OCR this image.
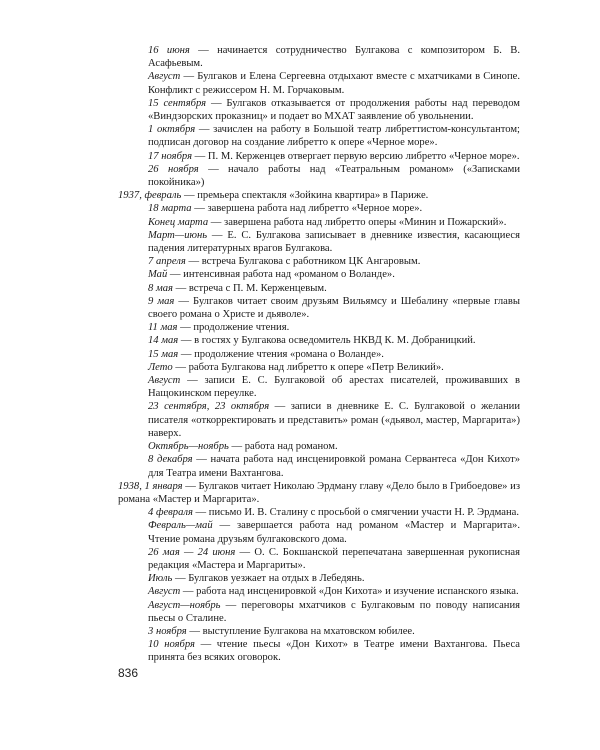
16 июня — начинается сотрудничество Булгакова с композитором Б. В. Асафьевым.

Август — Булгаков и Елена Сергеевна отдыхают вместе с мхатчиками в Синопе. Конфликт с режиссером Н. М. Горчаковым.

15 сентября — Булгаков отказывается от продолжения работы над переводом «Виндзорских проказниц» и подает во МХАТ заявление об увольнении.

1 октября — зачислен на работу в Большой театр либреттистом-консультантом; подписан договор на создание либретто к опере «Черное море».

17 ноября — П. М. Керженцев отвергает первую версию либретто «Черное море».

26 ноября — начало работы над «Театральным романом» («Записками покойника»)

1937, февраль — премьера спектакля «Зойкина квартира» в Париже.

18 марта — завершена работа над либретто «Черное море».

Конец марта — завершена работа над либретто оперы «Минин и Пожарский».

Март—июнь — Е. С. Булгакова записывает в дневнике известия, касающиеся падения литературных врагов Булгакова.

7 апреля — встреча Булгакова с работником ЦК Ангаровым.

Май — интенсивная работа над «романом о Воланде».

8 мая — встреча с П. М. Керженцевым.

9 мая — Булгаков читает своим друзьям Вильямсу и Шебалину «первые главы своего романа о Христе и дьяволе».

11 мая — продолжение чтения.

14 мая — в гостях у Булгакова осведомитель НКВД К. М. Добраницкий.

15 мая — продолжение чтения «романа о Воланде».

Лето — работа Булгакова над либретто к опере «Петр Великий».

Август — записи Е. С. Булгаковой об арестах писателей, проживавших в Нащокинском переулке.

23 сентября, 23 октября — записи в дневнике Е. С. Булгаковой о желании писателя «откорректировать и представить» роман («дьявол, мастер, Маргарита») наверх.

Октябрь—ноябрь — работа над романом.

8 декабря — начата работа над инсценировкой романа Сервантеса «Дон Кихот» для Театра имени Вахтангова.

1938, 1 января — Булгаков читает Николаю Эрдману главу «Дело было в Грибоедове» из романа «Мастер и Маргарита».

4 февраля — письмо И. В. Сталину с просьбой о смягчении участи Н. Р. Эрдмана.

Февраль—май — завершается работа над романом «Мастер и Маргарита». Чтение романа друзьям булгаковского дома.

26 мая — 24 июня — О. С. Бокшанской перепечатана завершенная рукописная редакция «Мастера и Маргариты».

Июль — Булгаков уезжает на отдых в Лебедянь.

Август — работа над инсценировкой «Дон Кихота» и изучение испанского языка.

Август—ноябрь — переговоры мхатчиков с Булгаковым по поводу написания пьесы о Сталине.

3 ноября — выступление Булгакова на мхатовском юбилее.

10 ноября — чтение пьесы «Дон Кихот» в Театре имени Вахтангова. Пьеса принята без всяких оговорок.

836
